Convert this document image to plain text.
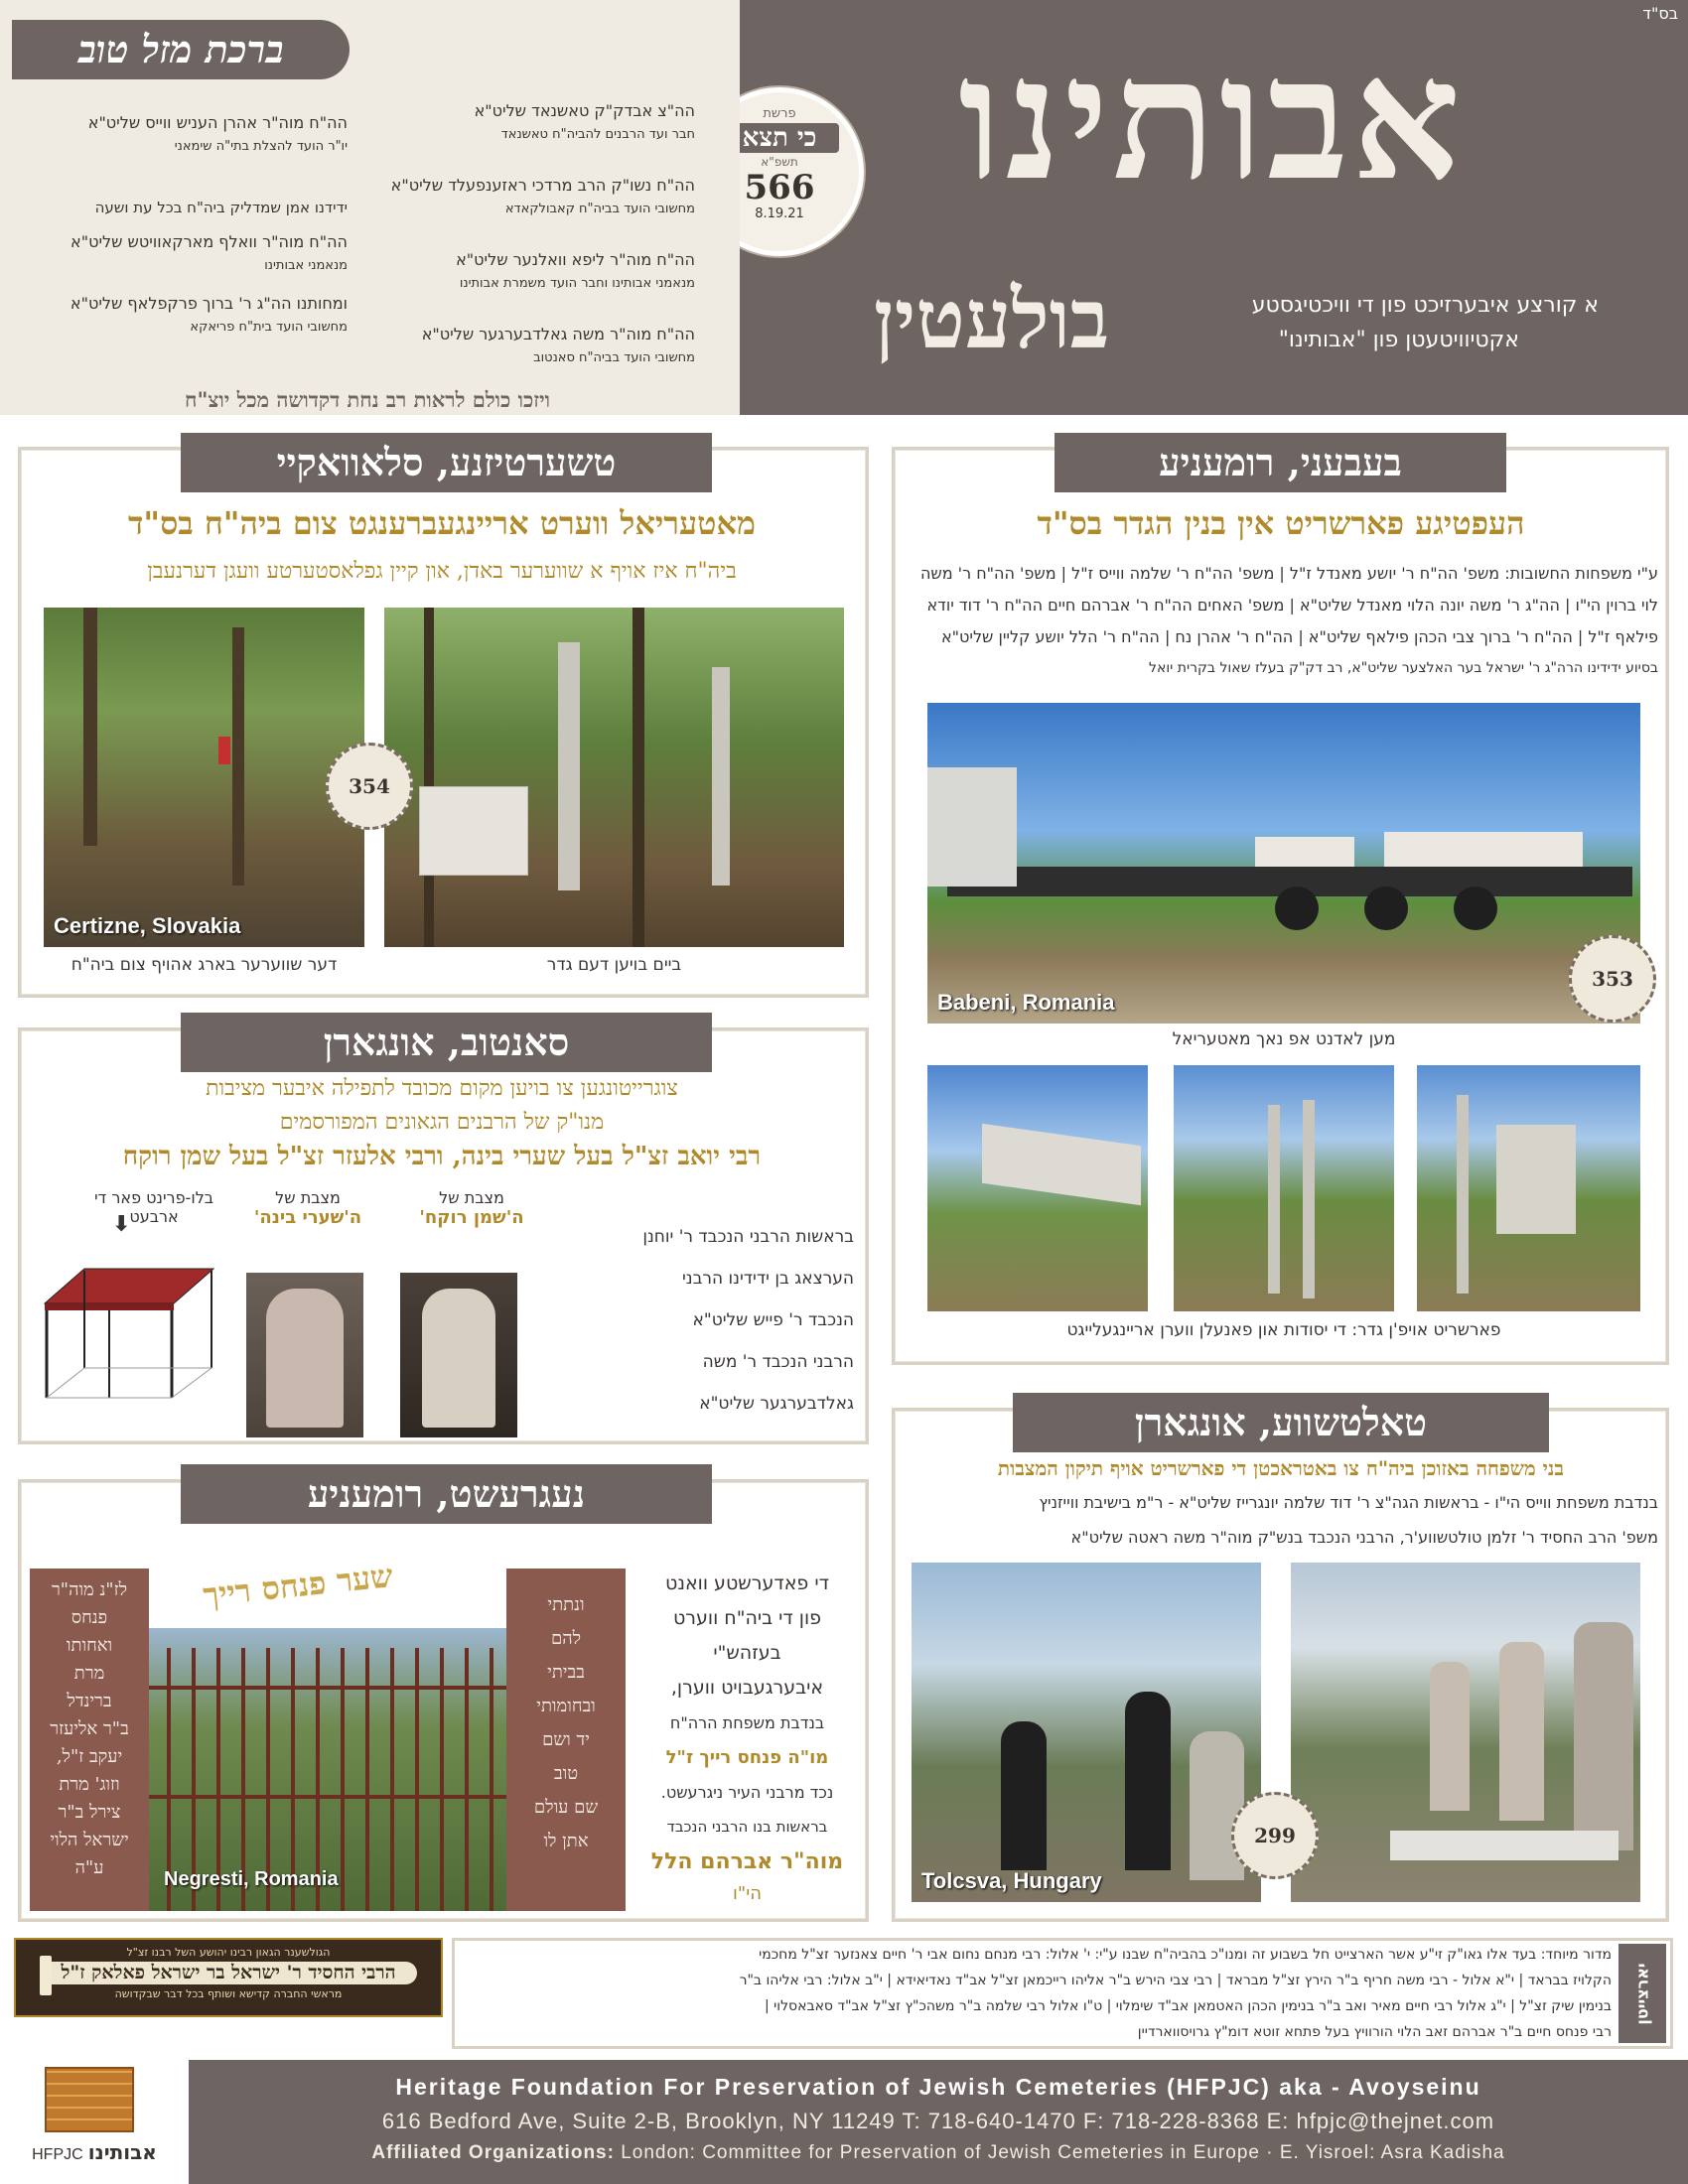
בס"ד
אבותינו
בולעטין	א קורצע איבערזיכט פון די וויכטיגסטע
אקטיוויטעטן פון "אבותינו"
פרשת
כי תצא
תשפ"א
566
8.19.21
ברכת מזל טוב
הה"צ אבדק"ק טאשנאד שליט"א
חבר ועד הרבנים להביה"ח טאשנאד
הה"ח נשו"ק הרב מרדכי ראזענפעלד שליט"א
מחשובי הועד בביה"ח קאבולקאדא
הה"ח מוה"ר ליפא וואלנער שליט"א
מנאמני אבותינו וחבר הועד משמרת אבותינו
הה"ח מוה"ר משה גאלדבערגער שליט"א
מחשובי הועד בביה"ח סאנטוב
הה"ח מוה"ר אהרן העניש ווייס שליט"א
יו"ר הועד להצלת בתי"ה שימאני
ידידנו אמן שמדליק ביה"ח בכל עת ושעה
הה"ח מוה"ר וואלף מארקאוויטש שליט"א
מנאמני אבותינו
ומחותנו הה"ג ר' ברוך פרקפלאף שליט"א
מחשובי הועד בית"ח פריאקא
ויזכו כולם לראות רב נחת דקדושה מכל יוצ"ח
טשערטיזנע, סלאוואקיי
מאטעריאל ווערט אריינגעברענגט צום ביה"ח בס"ד
ביה"ח איז אויף א שווערער באדן, און קיין גפלאסטערטע וועגן דערנעבן
Certizne, Slovakia
354
דער שווערער בארג אהויף צום ביה"ח	ביים בויען דעם גדר
בעבעני, רומעניע
העפטיגע פארשריט אין בנין הגדר בס"ד
ע"י משפחות החשובות: משפ' הה"ח ר' יושע מאנדל ז"ל | משפ' הה"ח ר' שלמה ווייס ז"ל | משפ' הה"ח ר' משה
לוי ברוין הי"ו | הה"ג ר' משה יונה הלוי מאנדל שליט"א | משפ' האחים הה"ח ר' אברהם חיים הה"ח ר' דוד יודא
פילאף ז"ל | הה"ח ר' ברוך צבי הכהן פילאף שליט"א | הה"ח ר' אהרן נח | הה"ח ר' הלל יושע קליין שליט"א
בסיוע ידידינו הרה"ג ר' ישראל בער האלצער שליט"א, רב דק"ק בעלז שאול בקרית יואל
Babeni, Romania
353
מען לאדנט אפ נאך מאטעריאל
פארשריט אויפ'ן גדר: די יסודות און פאנעלן ווערן אריינגעלייגט
סאנטוב, אונגארן
צוגרייטונגען צו בויען מקום מכובד לתפילה איבער מציבות
מנו"ק של הרבנים הגאונים המפורסמים
רבי יואב זצ"ל בעל שערי בינה, ורבי אלעזר זצ"ל בעל שמן רוקח
מצבת של
ה'שמן רוקח'
מצבת של
ה'שערי בינה'
בלו-פרינט פאר די
ארבעט
⬇	בראשות הרבני הנכבד ר' יוחנן
הערצאג בן ידידינו הרבני
הנכבד ר' פייש שליט"א
הרבני הנכבד ר' משה
גאלדבערגער שליט"א	טאלטשווע, אונגארן
בני משפחה באזוכן ביה"ח צו באטראכטן די פארשריט אויף תיקון המצבות
בנדבת משפחת ווייס הי"ו - בראשות הגה"צ ר' דוד שלמה יונגרייז שליט"א - ר"מ בישיבת ווייזניץ
משפ' הרב החסיד ר' זלמן טולטשווע'ר, הרבני הנכבד בנש"ק מוה"ר משה ראטה שליט"א
Tolcsva, Hungary
299
נעגרעשט, רומעניע
שער פנחס רייך
לז"נ מוה"ר
פנחס
ואחותו
מרת
ברינדל
ב"ר אליעזר
יעקב ז"ל,
וזוג' מרת
צירל ב"ר
ישראל הלוי
ע"ה
ונתתי
להם
בביתי
ובחומותי
יד ושם
טוב
שם עולם
אתן לו
Negresti, Romania
די פאדערשטע וואנט
פון די ביה"ח ווערט
בעזהש"י
איבערגעבויט ווערן,
בנדבת משפחת הרה"ח
מו"ה פנחס רייך ז"ל
נכד מרבני העיר ניגרעשט.
בראשות בנו הרבני הנכבד
מוה"ר אברהם הלל
הי"ו
הגולשענר הגאון רבינו יהושע השל רבנו זצ"ל
הרבי החסיד ר' ישראל בר ישראל פאלאק ז"ל
מראשי החברה קדישא ושותף בכל דבר שבקדושה	יארצייטן
מדור מיוחד: בעד אלו גאו"ק זי"ע אשר הארצייט חל בשבוע זה ומנו"כ בהביה"ח שבנו ע"י: י' אלול: רבי מנחם נחום אבי ר' חיים צאנזער זצ"ל מחכמי
הקלויז בבראד | י"א אלול - רבי משה חריף ב"ר הירץ זצ"ל מבראד | רבי צבי הירש ב"ר אליהו רייכמאן זצ"ל אב"ד נאדיאידא | י"ב אלול: רבי אליהו ב"ר
בנימין שיק זצ"ל | י"ג אלול רבי חיים מאיר ואב ב"ר בנימין הכהן האטמאן אב"ד שימלוי | ט"ו אלול רבי שלמה ב"ר משהכ"ץ זצ"ל אב"ד סאבאסלוי |
רבי פנחס חיים ב"ר אברהם זאב הלוי הורוויץ בעל פתחא זוטא דומ"ץ גרויסווארדיין
HFPJC אבותינו
Heritage Foundation For Preservation of Jewish Cemeteries (HFPJC) aka - Avoyseinu
616 Bedford Ave, Suite 2-B, Brooklyn, NY 11249 T: 718-640-1470 F: 718-228-8368 E: hfpjc@thejnet.com
Affiliated Organizations: London: Committee for Preservation of Jewish Cemeteries in Europe · E. Yisroel: Asra Kadisha
